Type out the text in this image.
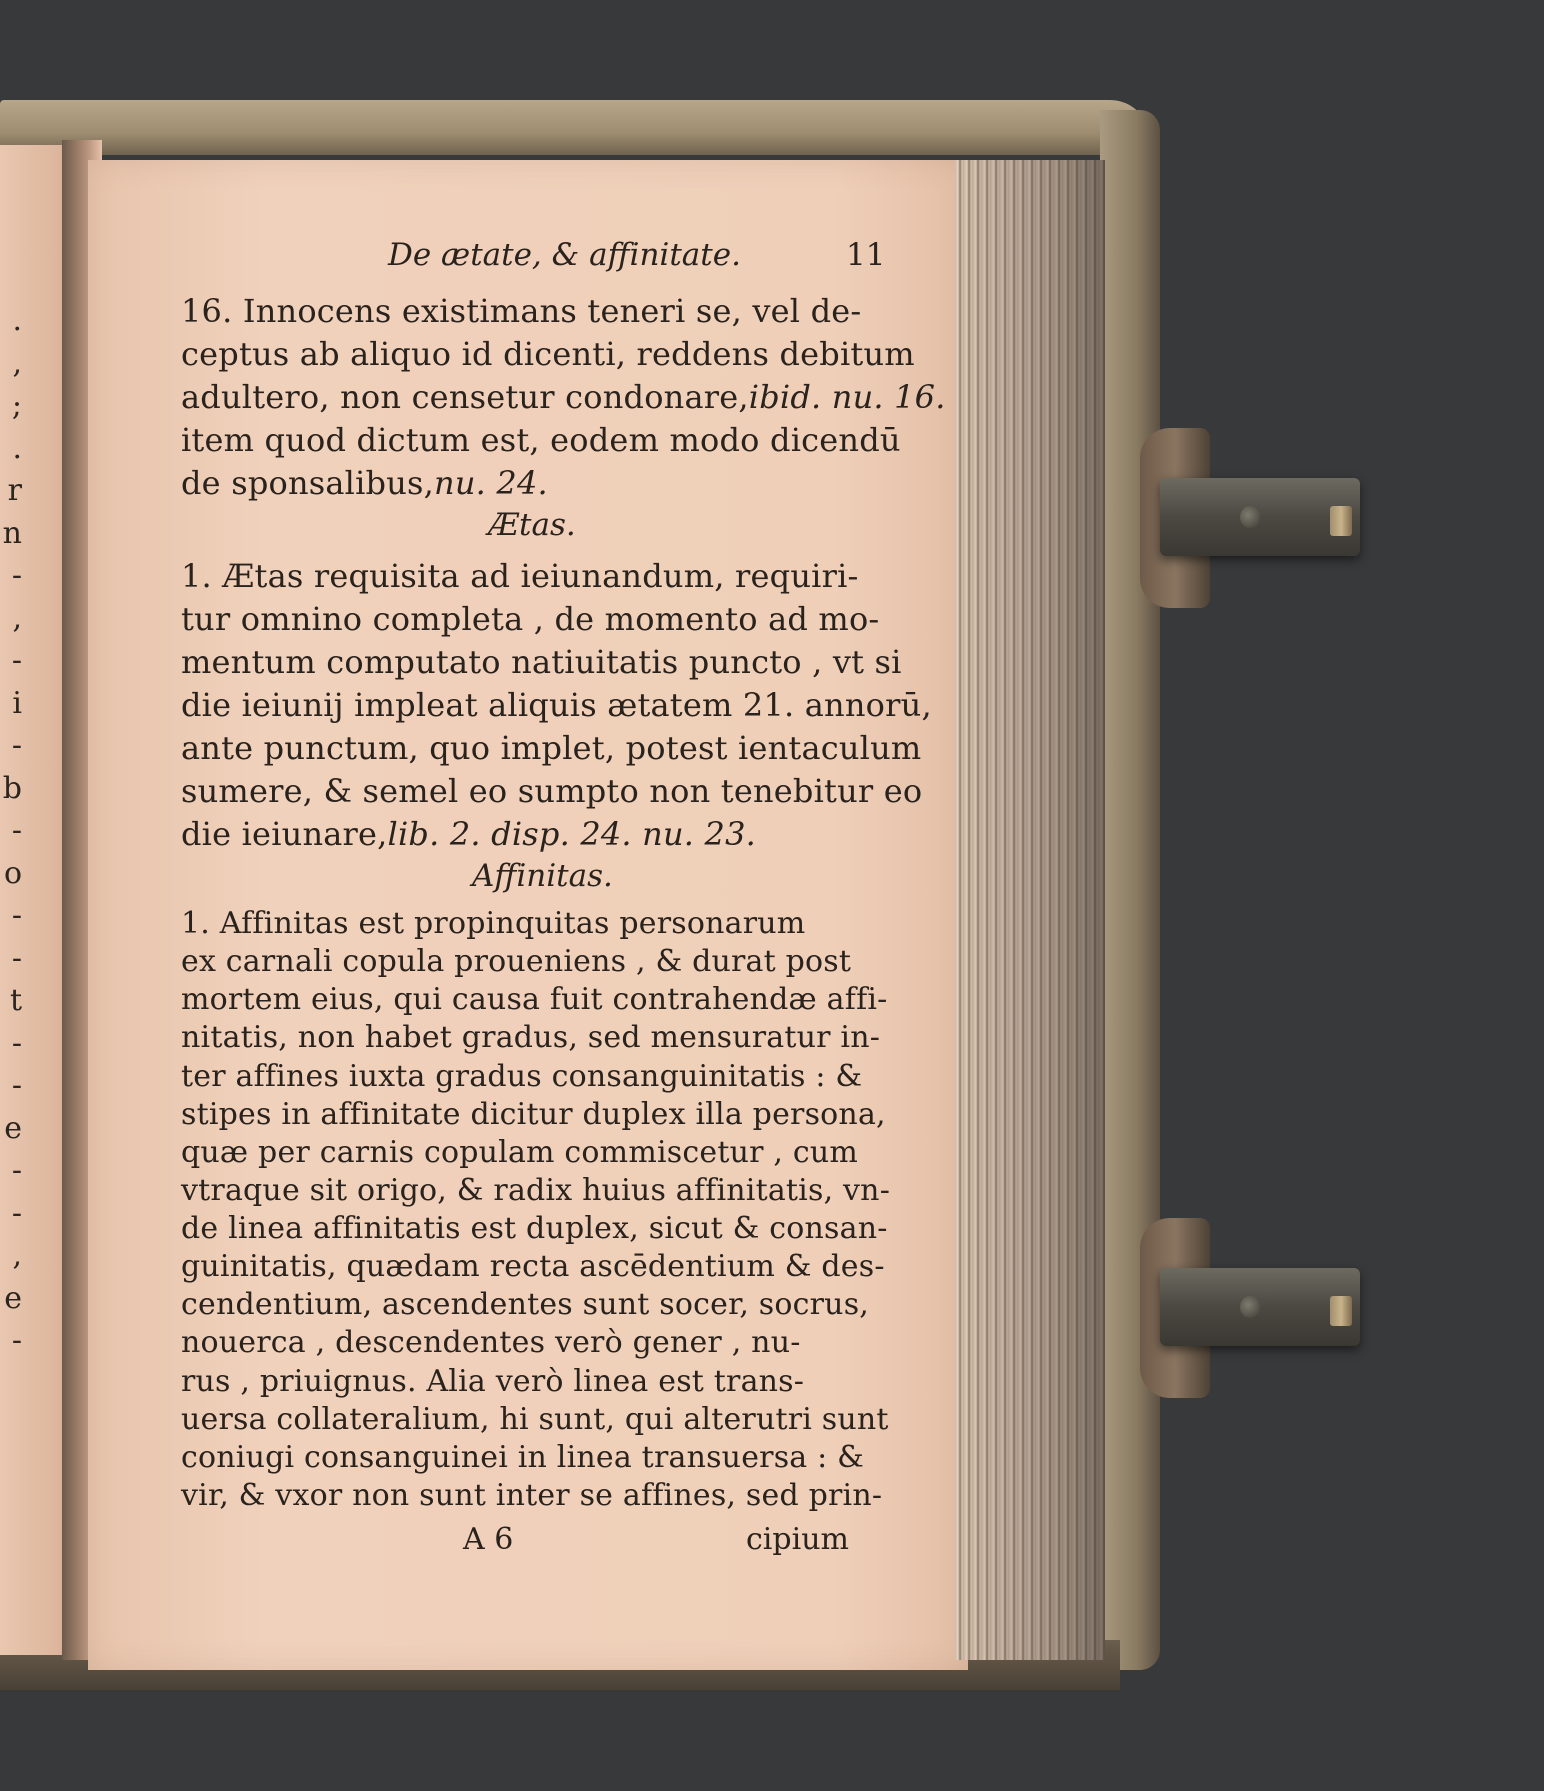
.
,
;
.
r
n
-
,
-
i
-
b
-
o
-
-
t
-
-
e
-
-
,
e
-
De ætate, & affinitate.	11
16. Innocens existimans teneri se, vel de-
ceptus ab aliquo id dicenti, reddens debitum
adultero, non censetur condonare,ibid. nu. 16.
item quod dictum est, eodem modo dicendū
de sponsalibus,nu. 24.
Ætas.
1. Ætas requisita ad ieiunandum, requiri-
tur omnino completa , de momento ad mo-
mentum computato natiuitatis puncto , vt si
die ieiunij impleat aliquis ætatem 21. annorū,
ante punctum, quo implet, potest ientaculum
sumere, & semel eo sumpto non tenebitur eo
die ieiunare,lib. 2. disp. 24. nu. 23.
Affinitas.
1. Affinitas est propinquitas personarum
ex carnali copula proueniens , & durat post
mortem eius, qui causa fuit contrahendæ affi-
nitatis, non habet gradus, sed mensuratur in-
ter affines iuxta gradus consanguinitatis : &
stipes in affinitate dicitur duplex illa persona,
quæ per carnis copulam commiscetur , cum
vtraque sit origo, & radix huius affinitatis, vn-
de linea affinitatis est duplex, sicut & consan-
guinitatis, quædam recta ascēdentium & des-
cendentium, ascendentes sunt socer, socrus,
nouerca , descendentes verò gener , nu-
rus , priuignus. Alia verò linea est trans-
uersa collateralium, hi sunt, qui alterutri sunt
A 6	cipium
coniugi consanguinei in linea transuersa : &
vir, & vxor non sunt inter se affines, sed prin-
